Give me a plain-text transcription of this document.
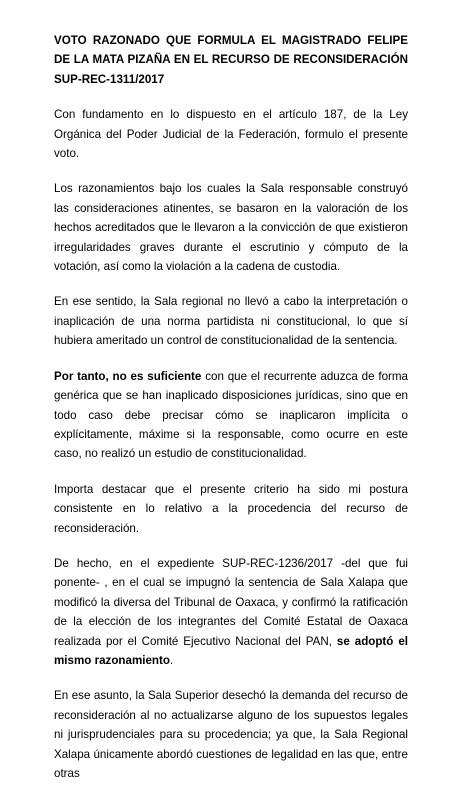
VOTO RAZONADO QUE FORMULA EL MAGISTRADO FELIPE DE LA MATA PIZAÑA EN EL RECURSO DE RECONSIDERACIÓN SUP-REC-1311/2017

Con fundamento en lo dispuesto en el artículo 187, de la Ley Orgánica del Poder Judicial de la Federación, formulo el presente voto.

Los razonamientos bajo los cuales la Sala responsable construyó las consideraciones atinentes, se basaron en la valoración de los hechos acreditados que le llevaron a la convicción de que existieron irregularidades graves durante el escrutinio y cómputo de la votación, así como la violación a la cadena de custodia.

En ese sentido, la Sala regional no llevó a cabo la interpretación o inaplicación de una norma partidista ni constitucional, lo que sí hubiera ameritado un control de constitucionalidad de la sentencia.

Por tanto, no es suficiente con que el recurrente aduzca de forma genérica que se han inaplicado disposiciones jurídicas, sino que en todo caso debe precisar cómo se inaplicaron implícita o explícitamente, máxime si la responsable, como ocurre en este caso, no realizó un estudio de constitucionalidad.

Importa destacar que el presente criterio ha sido mi postura consistente en lo relativo a la procedencia del recurso de reconsideración.

De hecho, en el expediente SUP-REC-1236/2017 -del que fui ponente- , en el cual se impugnó la sentencia de Sala Xalapa que modificó la diversa del Tribunal de Oaxaca, y confirmó la ratificación de la elección de los integrantes del Comité Estatal de Oaxaca realizada por el Comité Ejecutivo Nacional del PAN, se adoptó el mismo razonamiento.

En ese asunto, la Sala Superior desechó la demanda del recurso de reconsideración al no actualizarse alguno de los supuestos legales ni jurisprudenciales para su procedencia; ya que, la Sala Regional Xalapa únicamente abordó cuestiones de legalidad en las que, entre otras
